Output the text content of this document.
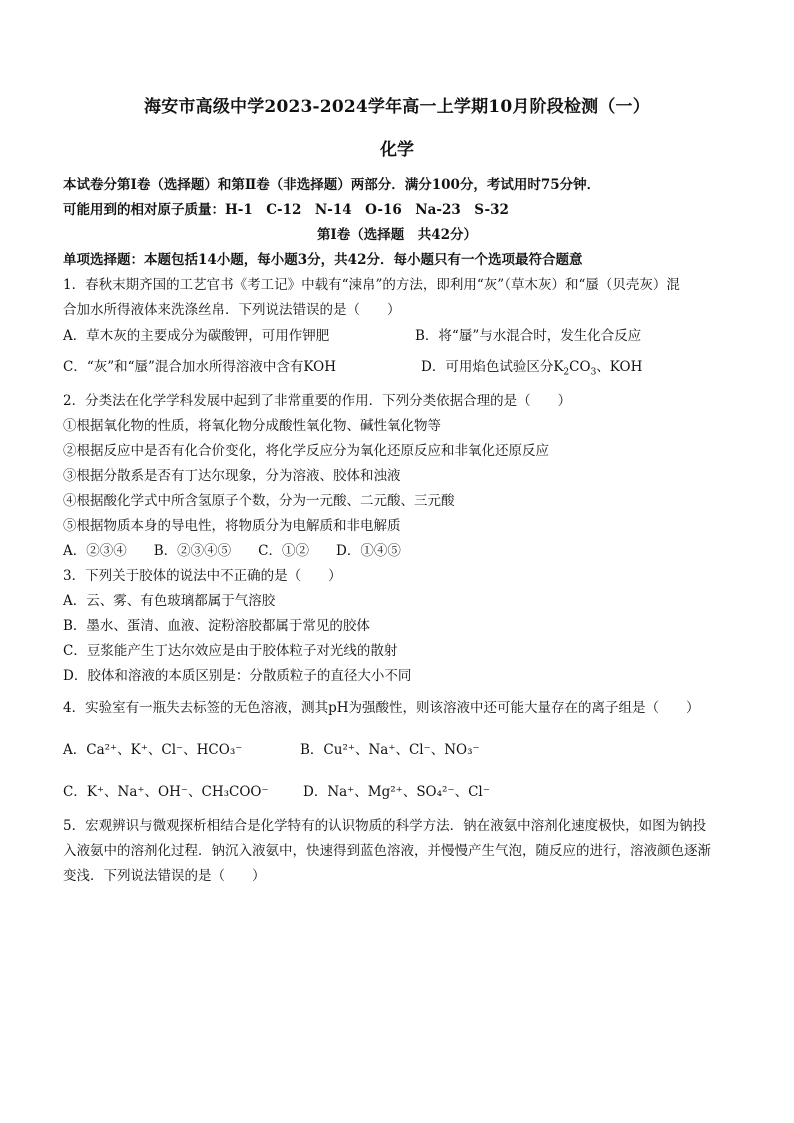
海安市高级中学2023-2024学年高一上学期10月阶段检测（一）
化学
本试卷分第Ⅰ卷（选择题）和第Ⅱ卷（非选择题）两部分．满分100分，考试用时75分钟．
可能用到的相对原子质量：H-1　C-12　N-14　O-16　Na-23　S-32
第Ⅰ卷（选择题　共42分）
单项选择题：本题包括14小题，每小题3分，共42分．每小题只有一个选项最符合题意
1．春秋末期齐国的工艺官书《考工记》中载有“涑帛”的方法，即利用“灰”（草木灰）和“蜃（贝壳灰）混
合加水所得液体来洗涤丝帛．下列说法错误的是（　　）
A．草木灰的主要成分为碳酸钾，可用作钾肥	B．将“蜃”与水混合时，发生化合反应
C．“灰”和“蜃”混合加水所得溶液中含有KOH	D．可用焰色试验区分$K_2CO_3$、KOH
2．分类法在化学学科发展中起到了非常重要的作用．下列分类依据合理的是（　　）
①根据氧化物的性质，将氧化物分成酸性氧化物、碱性氧化物等
②根据反应中是否有化合价变化，将化学反应分为氧化还原反应和非氧化还原反应
③根据分散系是否有丁达尔现象，分为溶液、胶体和浊液
④根据酸化学式中所含氢原子个数，分为一元酸、二元酸、三元酸
⑤根据物质本身的导电性，将物质分为电解质和非电解质
A．②③④　　B．②③④⑤　　C．①②　　D．①④⑤
3．下列关于胶体的说法中不正确的是（　　）
A．云、雾、有色玻璃都属于气溶胶
B．墨水、蛋清、血液、淀粉溶胶都属于常见的胶体
C．豆浆能产生丁达尔效应是由于胶体粒子对光线的散射
D．胶体和溶液的本质区别是：分散质粒子的直径大小不同
4．实验室有一瓶失去标签的无色溶液，测其pH为强酸性，则该溶液中还可能大量存在的离子组是（　　）
A．Ca²⁺、K⁺、Cl⁻、HCO₃⁻	B．Cu²⁺、Na⁺、Cl⁻、NO₃⁻
C．K⁺、Na⁺、OH⁻、CH₃COO⁻	D．Na⁺、Mg²⁺、SO₄²⁻、Cl⁻
5．宏观辨识与微观探析相结合是化学特有的认识物质的科学方法．钠在液氨中溶剂化速度极快，如图为钠投
入液氨中的溶剂化过程．钠沉入液氨中，快速得到蓝色溶液，并慢慢产生气泡，随反应的进行，溶液颜色逐渐
变浅．下列说法错误的是（　　）
